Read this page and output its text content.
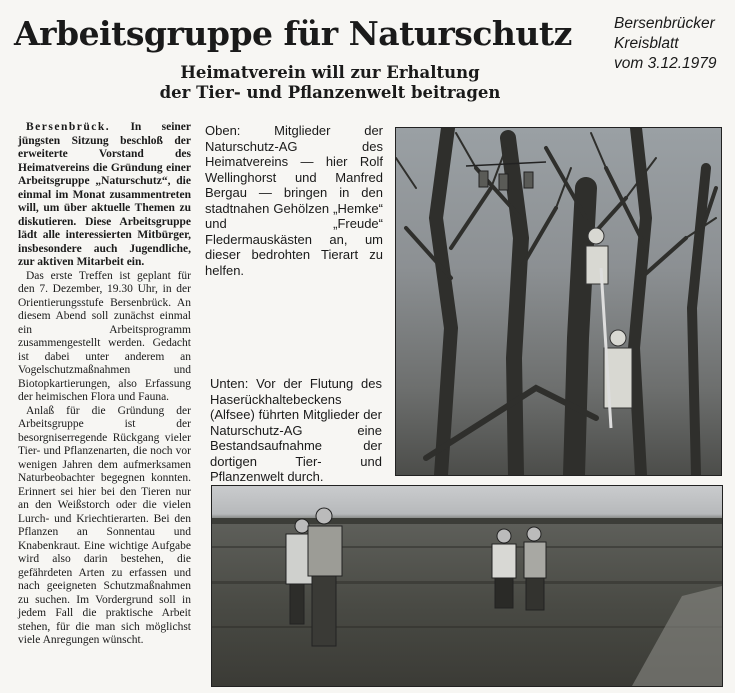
Arbeitsgruppe für Naturschutz	Bersenbrücker
Kreisblatt
vom 3.12.1979
Heimatverein will zur Erhaltung
der Tier- und Pflanzenwelt beitragen

Bersenbrück. In seiner jüngsten Sitzung beschloß der erweiterte Vorstand des Heimatvereins die Gründung einer Arbeitsgruppe „Naturschutz“, die einmal im Monat zusammentreten will, um über aktuelle Themen zu diskutieren. Diese Arbeitsgruppe lädt alle interessierten Mitbürger, insbesondere auch Jugendliche, zur aktiven Mitarbeit ein.

Das erste Treffen ist geplant für den 7. Dezember, 19.30 Uhr, in der Orientierungsstufe Bersenbrück. An diesem Abend soll zunächst einmal ein Arbeitsprogramm zusammengestellt werden. Gedacht ist dabei unter anderem an Vogelschutzmaßnahmen und Biotopkartierungen, also Erfassung der heimischen Flora und Fauna.

Anlaß für die Gründung der Arbeitsgruppe ist der besorgniserregende Rückgang vieler Tier- und Pflanzenarten, die noch vor wenigen Jahren dem aufmerksamen Naturbeobachter begegnen konnten. Erinnert sei hier bei den Tieren nur an den Weißstorch oder die vielen Lurch- und Kriechtierarten. Bei den Pflanzen an Sonnentau und Knabenkraut. Eine wichtige Aufgabe wird also darin bestehen, die gefährdeten Arten zu erfassen und nach geeigneten Schutzmaßnahmen zu suchen. Im Vordergrund soll in jedem Fall die praktische Arbeit stehen, für die man sich möglichst viele Anregungen wünscht.

Oben: Mitglieder der Naturschutz-AG des Heimatvereins — hier Rolf Wellinghorst und Manfred Bergau — bringen in den stadtnahen Gehölzen „Hemke“ und „Freude“ Fledermauskästen an, um dieser bedrohten Tierart zu helfen.
Unten: Vor der Flutung des Haserückhaltebeckens (Alfsee) führten Mitglieder der Naturschutz-AG eine Bestandsaufnahme der dortigen Tier- und Pflanzenwelt durch.
